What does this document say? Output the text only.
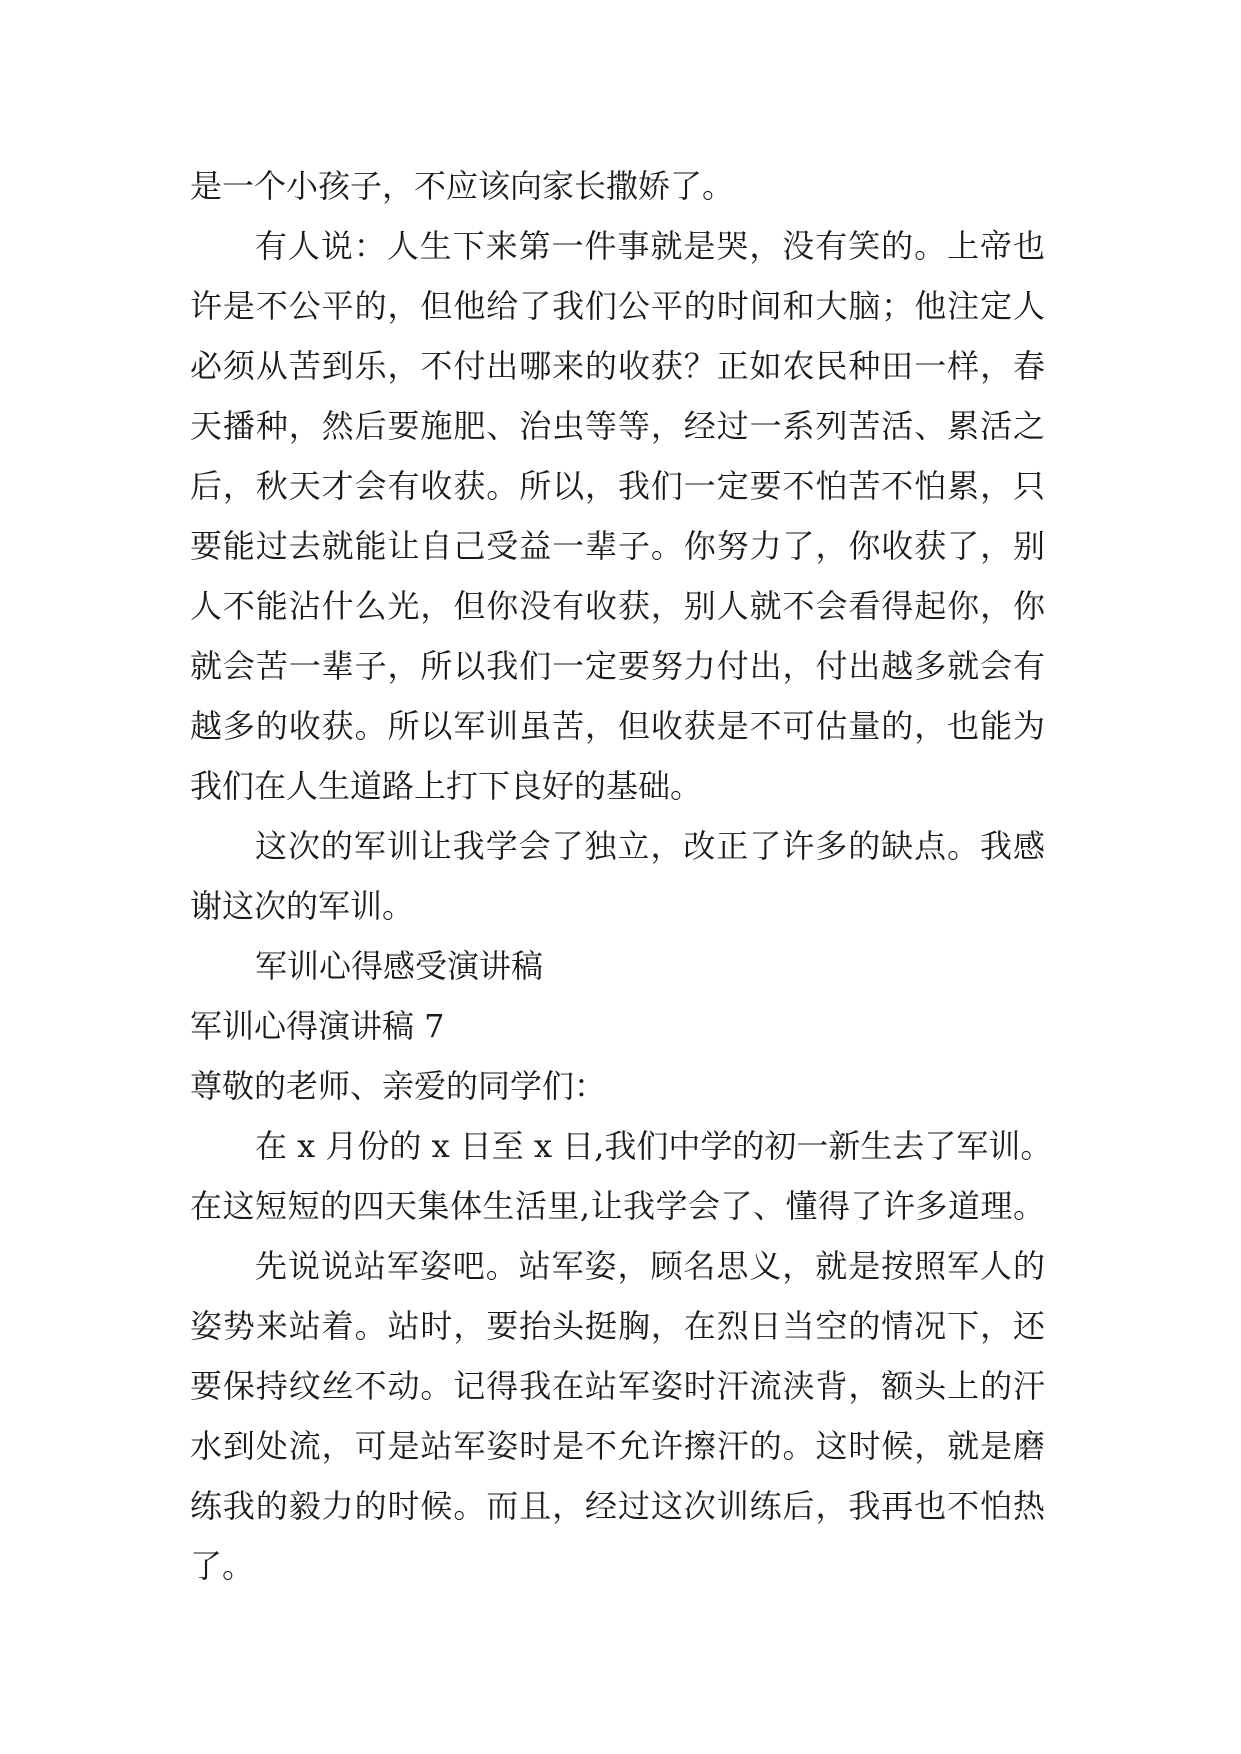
是一个小孩子，不应该向家长撒娇了。

有人说：人生下来第一件事就是哭，没有笑的。上帝也

许是不公平的，但他给了我们公平的时间和大脑；他注定人

必须从苦到乐，不付出哪来的收获？正如农民种田一样，春

天播种，然后要施肥、治虫等等，经过一系列苦活、累活之

后，秋天才会有收获。所以，我们一定要不怕苦不怕累，只

要能过去就能让自己受益一辈子。你努力了，你收获了，别

人不能沾什么光，但你没有收获，别人就不会看得起你，你

就会苦一辈子，所以我们一定要努力付出，付出越多就会有

越多的收获。所以军训虽苦，但收获是不可估量的，也能为

我们在人生道路上打下良好的基础。

这次的军训让我学会了独立，改正了许多的缺点。我感

谢这次的军训。

军训心得感受演讲稿

军训心得演讲稿 7

尊敬的老师、亲爱的同学们：

在 x 月份的 x 日至 x 日,我们中学的初一新生去了军训。

在这短短的四天集体生活里,让我学会了、懂得了许多道理。

先说说站军姿吧。站军姿，顾名思义，就是按照军人的

姿势来站着。站时，要抬头挺胸，在烈日当空的情况下，还

要保持纹丝不动。记得我在站军姿时汗流浃背，额头上的汗

水到处流，可是站军姿时是不允许擦汗的。这时候，就是磨

练我的毅力的时候。而且，经过这次训练后，我再也不怕热

了。
